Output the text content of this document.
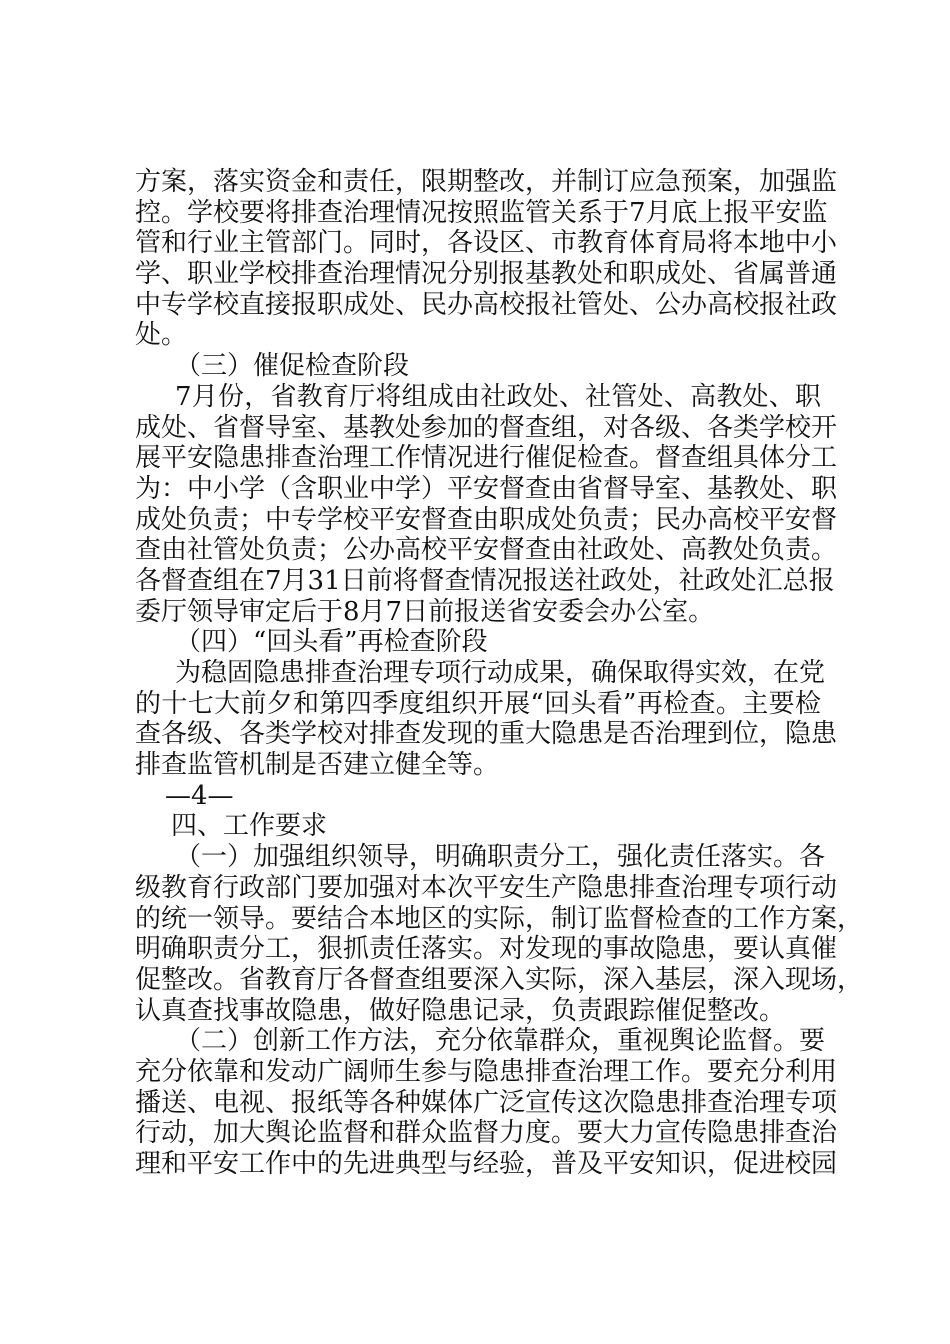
方案，落实资金和责任，限期整改，并制订应急预案，加强监
控。学校要将排查治理情况按照监管关系于7月底上报平安监
管和行业主管部门。同时，各设区、市教育体育局将本地中小
学、职业学校排查治理情况分别报基教处和职成处、省属普通
中专学校直接报职成处、民办高校报社管处、公办高校报社政
处。
（三）催促检查阶段
7月份，省教育厅将组成由社政处、社管处、高教处、职
成处、省督导室、基教处参加的督查组，对各级、各类学校开
展平安隐患排查治理工作情况进行催促检查。督查组具体分工
为：中小学（含职业中学）平安督查由省督导室、基教处、职
成处负责；中专学校平安督查由职成处负责；民办高校平安督
查由社管处负责；公办高校平安督查由社政处、高教处负责。
各督查组在7月31日前将督查情况报送社政处，社政处汇总报
委厅领导审定后于8月7日前报送省安委会办公室。
（四）“回头看”再检查阶段
为稳固隐患排查治理专项行动成果，确保取得实效，在党
的十七大前夕和第四季度组织开展“回头看”再检查。主要检
查各级、各类学校对排查发现的重大隐患是否治理到位，隐患
排查监管机制是否建立健全等。
—4—
四、工作要求
（一）加强组织领导，明确职责分工，强化责任落实。各
级教育行政部门要加强对本次平安生产隐患排查治理专项行动
的统一领导。要结合本地区的实际，制订监督检查的工作方案，
明确职责分工，狠抓责任落实。对发现的事故隐患，要认真催
促整改。省教育厅各督查组要深入实际，深入基层，深入现场，
认真查找事故隐患，做好隐患记录，负责跟踪催促整改。
（二）创新工作方法，充分依靠群众，重视舆论监督。要
充分依靠和发动广阔师生参与隐患排查治理工作。要充分利用
播送、电视、报纸等各种媒体广泛宣传这次隐患排查治理专项
行动，加大舆论监督和群众监督力度。要大力宣传隐患排查治
理和平安工作中的先进典型与经验，普及平安知识，促进校园
